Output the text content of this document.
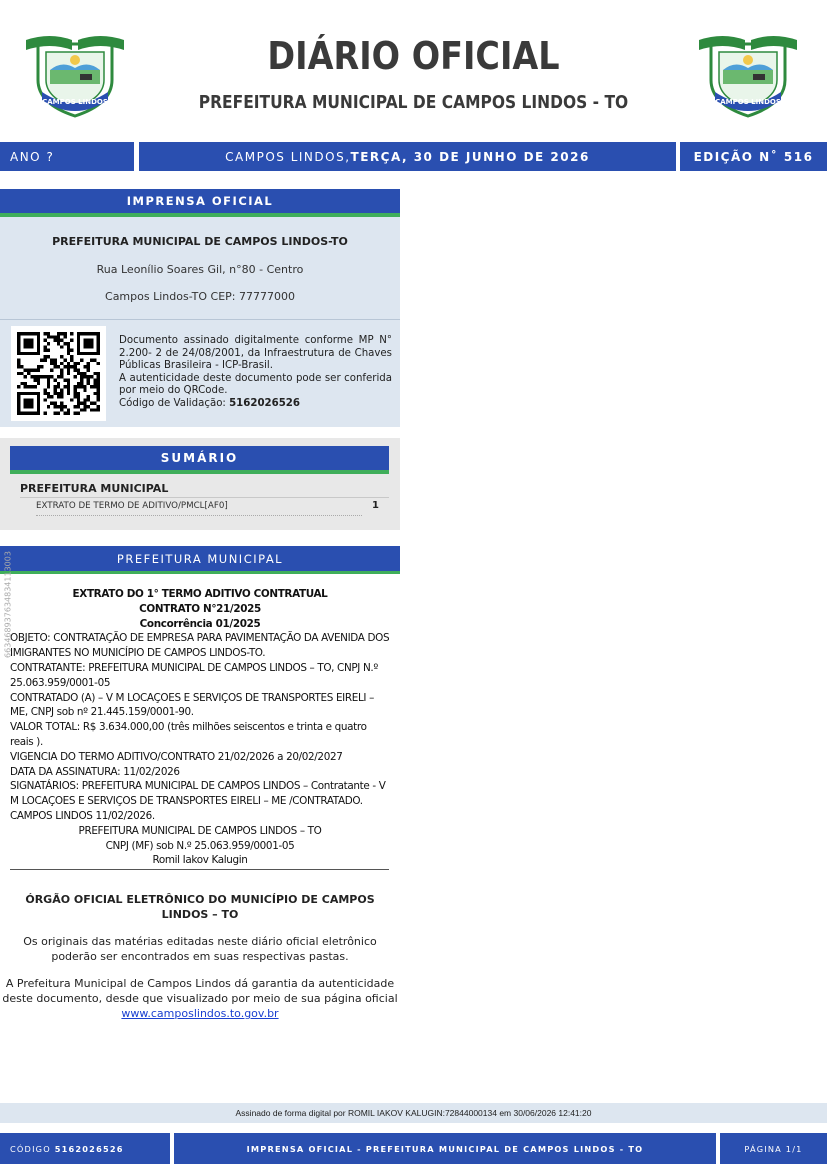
CAMPOS LINDOS
DIÁRIO OFICIAL
PREFEITURA MUNICIPAL DE CAMPOS LINDOS - TO	CAMPOS LINDOS
ANO ?	CAMPOS LINDOS, TERÇA, 30 DE JUNHO DE 2026	EDIÇÃO N˚ 516
IMPRENSA OFICIAL
PREFEITURA MUNICIPAL DE CAMPOS LINDOS-TO
Rua Leonílio Soares Gil, n°80 - Centro
Campos Lindos-TO CEP: 77777000
Documento assinado digitalmente conforme MP N° 2.200- 2 de 24/08/2001, da Infraestrutura de Chaves Públicas Brasileira - ICP-Brasil.
A autenticidade deste documento pode ser conferida por meio do QRCode.
Código de Validação: 5162026526
SUMÁRIO
PREFEITURA MUNICIPAL
EXTRATO DE TERMO DE ADITIVO/PMCL[AF0]	1
PREFEITURA MUNICIPAL
663468937634834113003	EXTRATO DO 1° TERMO ADITIVO CONTRATUAL
CONTRATO N°21/2025
Concorrência 01/2025
OBJETO: CONTRATAÇÃO DE EMPRESA PARA PAVIMENTAÇÃO DA AVENIDA DOS IMIGRANTES NO MUNICÍPIO DE CAMPOS LINDOS-TO.
CONTRATANTE: PREFEITURA MUNICIPAL DE CAMPOS LINDOS – TO, CNPJ N.º 25.063.959/0001-05
CONTRATADO (A) – V M LOCAÇOES E SERVIÇOS DE TRANSPORTES EIRELI – ME, CNPJ sob nº 21.445.159/0001-90.
VALOR TOTAL: R$ 3.634.000,00 (três milhões seiscentos e trinta e quatro reais ).
VIGENCIA DO TERMO ADITIVO/CONTRATO 21/02/2026 a 20/02/2027
DATA DA ASSINATURA: 11/02/2026
SIGNATÁRIOS: PREFEITURA MUNICIPAL DE CAMPOS LINDOS – Contratante - V M LOCAÇOES E SERVIÇOS DE TRANSPORTES EIRELI – ME /CONTRATADO.
CAMPOS LINDOS 11/02/2026.
PREFEITURA MUNICIPAL DE CAMPOS LINDOS – TO
CNPJ (MF) sob N.º 25.063.959/0001-05
Romil Iakov Kalugin
ÓRGÃO OFICIAL ELETRÔNICO DO MUNICÍPIO DE CAMPOS LINDOS – TO
Os originais das matérias editadas neste diário oficial eletrônico poderão ser encontrados em suas respectivas pastas.
A Prefeitura Municipal de Campos Lindos dá garantia da autenticidade deste documento, desde que visualizado por meio de sua página oficial
www.camposlindos.to.gov.br
Assinado de forma digital por ROMIL IAKOV KALUGIN:72844000134 em 30/06/2026 12:41:20
CÓDIGO
5162026526	IMPRENSA OFICIAL - PREFEITURA MUNICIPAL DE CAMPOS LINDOS - TO	PÁGINA 1/1
